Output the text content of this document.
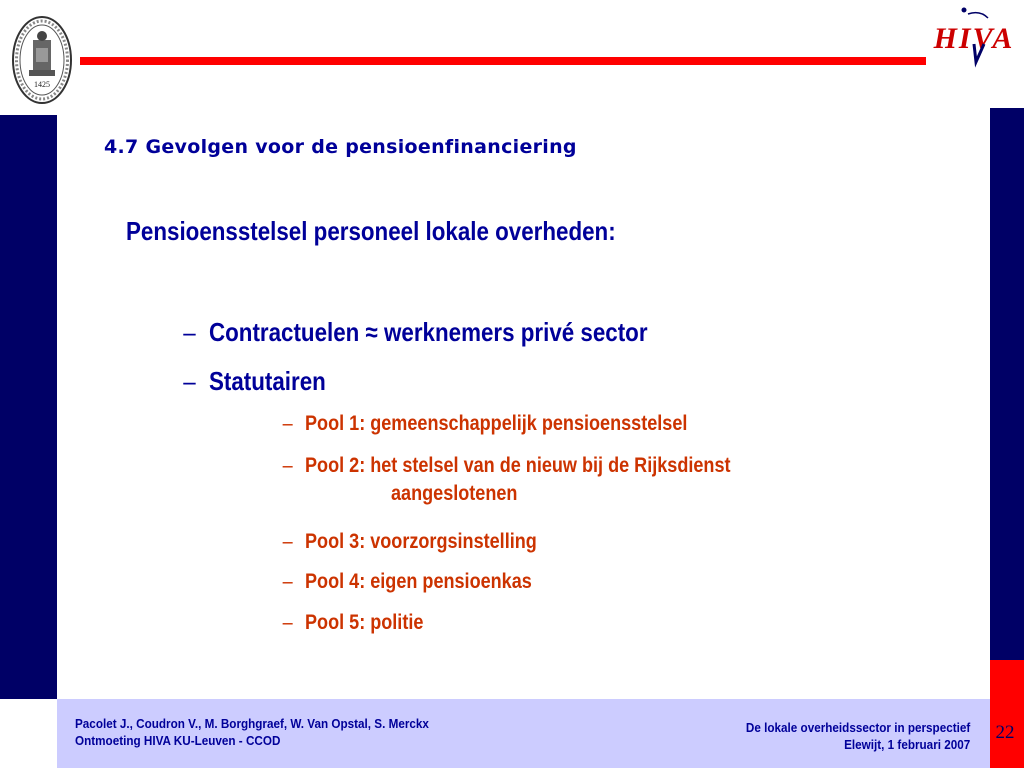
22
1425
HIVA
4.7 Gevolgen voor de pensioenfinanciering
Pensioensstelsel personeel lokale overheden:
– Contractuelen ≈ werknemers privé sector
– Statutairen
– Pool 1: gemeenschappelijk pensioensstelsel
– Pool 2: het stelsel van de nieuw bij de Rijksdienst
aangeslotenen
– Pool 3: voorzorgsinstelling
– Pool 4: eigen pensioenkas
– Pool 5: politie
Pacolet J., Coudron V., M. Borghgraef, W. Van Opstal, S. Merckx
Ontmoeting HIVA KU-Leuven - CCOD
De lokale overheidssector in perspectief
Elewijt, 1 februari 2007
